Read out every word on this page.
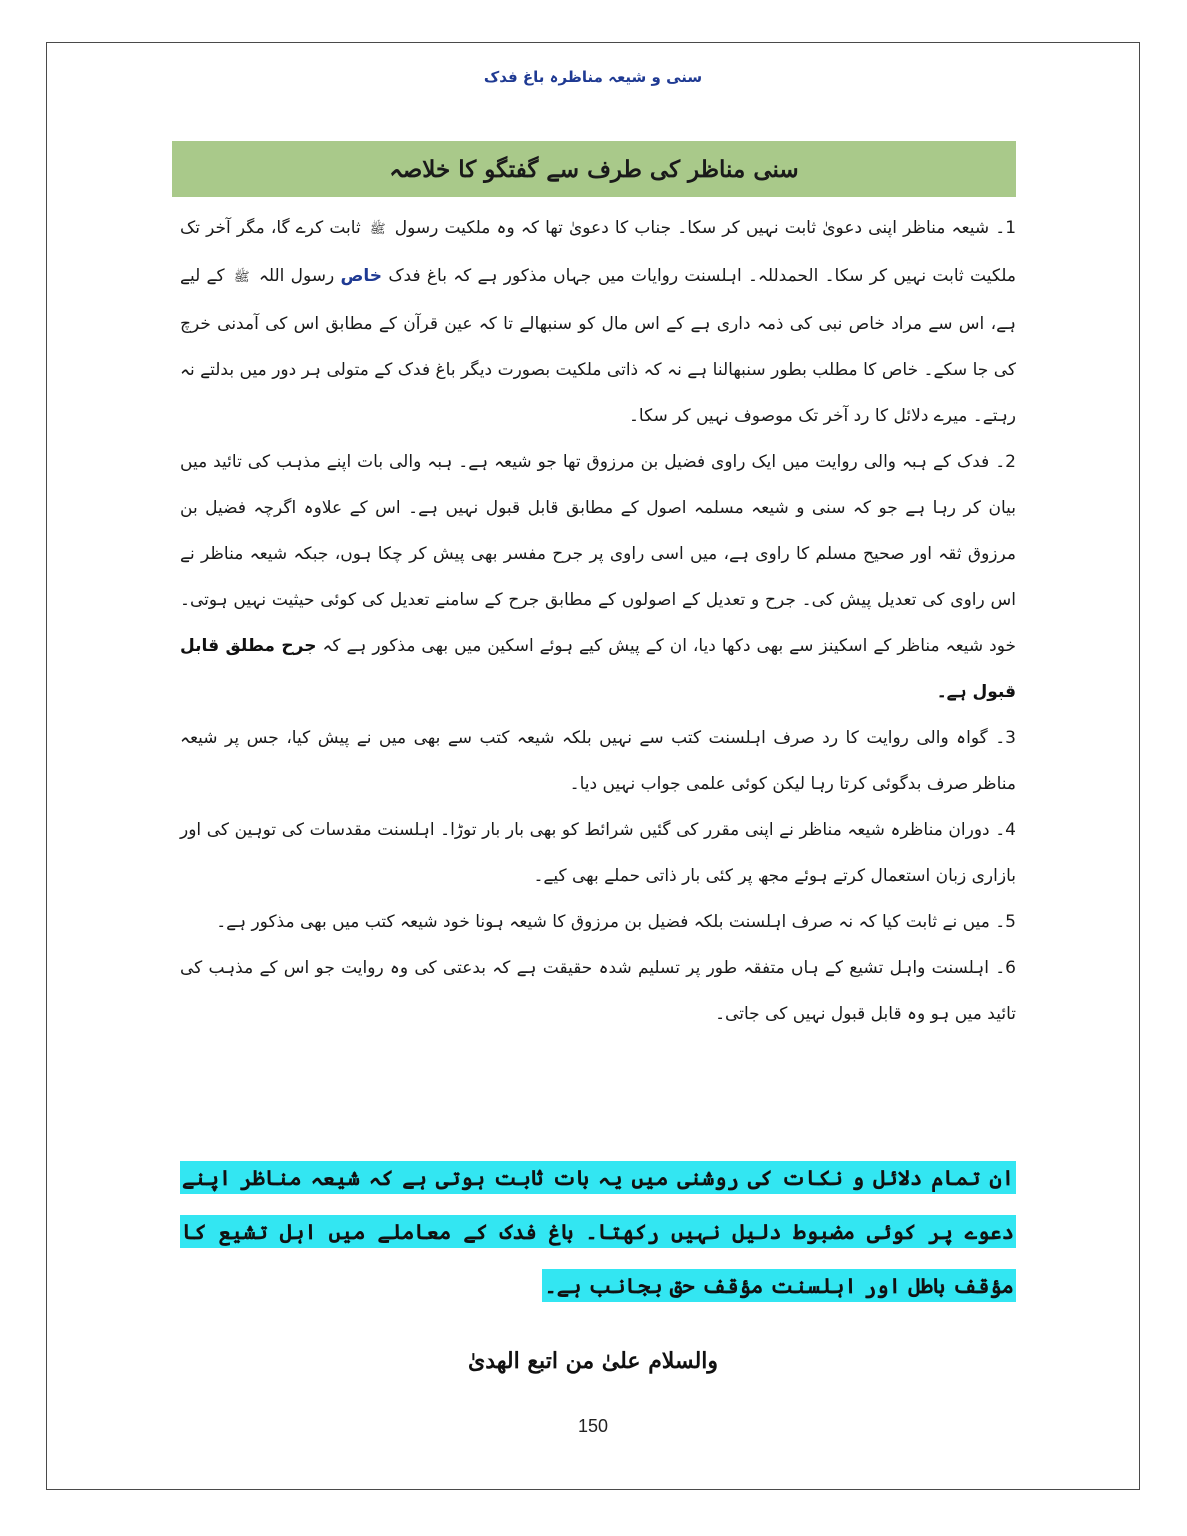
سنی و شیعہ مناظرہ باغ فدک
سنی مناظر کی طرف سے گفتگو کا خلاصہ

1۔ شیعہ مناظر اپنی دعویٰ ثابت نہیں کر سکا۔ جناب کا دعویٰ تھا کہ وہ ملکیت رسول ﷺ ثابت کرے گا، مگر آخر تک ملکیت ثابت نہیں کر سکا۔ الحمدللہ۔ اہلسنت روایات میں جہاں مذکور ہے کہ باغ فدک خاص رسول اللہ ﷺ کے لیے ہے، اس سے مراد خاص نبی کی ذمہ داری ہے کے اس مال کو سنبھالے تا کہ عین قرآن کے مطابق اس کی آمدنی خرچ کی جا سکے۔ خاص کا مطلب بطور سنبھالنا ہے نہ کہ ذاتی ملکیت بصورت دیگر باغ فدک کے متولی ہر دور میں بدلتے نہ رہتے۔ میرے دلائل کا رد آخر تک موصوف نہیں کر سکا۔

2۔ فدک کے ہبہ والی روایت میں ایک راوی فضیل بن مرزوق تھا جو شیعہ ہے۔ ہبہ والی بات اپنے مذہب کی تائید میں بیان کر رہا ہے جو کہ سنی و شیعہ مسلمہ اصول کے مطابق قابل قبول نہیں ہے۔ اس کے علاوہ اگرچہ فضیل بن مرزوق ثقہ اور صحیح مسلم کا راوی ہے، میں اسی راوی پر جرح مفسر بھی پیش کر چکا ہوں، جبکہ شیعہ مناظر نے اس راوی کی تعدیل پیش کی۔ جرح و تعدیل کے اصولوں کے مطابق جرح کے سامنے تعدیل کی کوئی حیثیت نہیں ہوتی۔ خود شیعہ مناظر کے اسکینز سے بھی دکھا دیا، ان کے پیش کیے ہوئے اسکین میں بھی مذکور ہے کہ جرح مطلق قابل قبول ہے۔

3۔ گواہ والی روایت کا رد صرف اہلسنت کتب سے نہیں بلکہ شیعہ کتب سے بھی میں نے پیش کیا، جس پر شیعہ مناظر صرف بدگوئی کرتا رہا لیکن کوئی علمی جواب نہیں دیا۔

4۔ دوران مناظرہ شیعہ مناظر نے اپنی مقرر کی گئیں شرائط کو بھی بار بار توڑا۔ اہلسنت مقدسات کی توہین کی اور بازاری زبان استعمال کرتے ہوئے مجھ پر کئی بار ذاتی حملے بھی کیے۔

5۔ میں نے ثابت کیا کہ نہ صرف اہلسنت بلکہ فضیل بن مرزوق کا شیعہ ہونا خود شیعہ کتب میں بھی مذکور ہے۔

6۔ اہلسنت واہل تشیع کے ہاں متفقہ طور پر تسلیم شدہ حقیقت ہے کہ بدعتی کی وہ روایت جو اس کے مذہب کی تائید میں ہو وہ قابل قبول نہیں کی جاتی۔

ان تمام دلائل و نکات کی روشنی میں یہ بات ثابت ہوتی ہے کہ شیعہ مناظر اپنے دعوے پر کوئی مضبوط دلیل نہیں رکھتا۔ باغ فدک کے معاملے میں اہل تشیع کا مؤقف باطل اور اہلسنت مؤقف حق بجانب ہے۔
والسلام علیٰ من اتبع الھدیٰ
150
